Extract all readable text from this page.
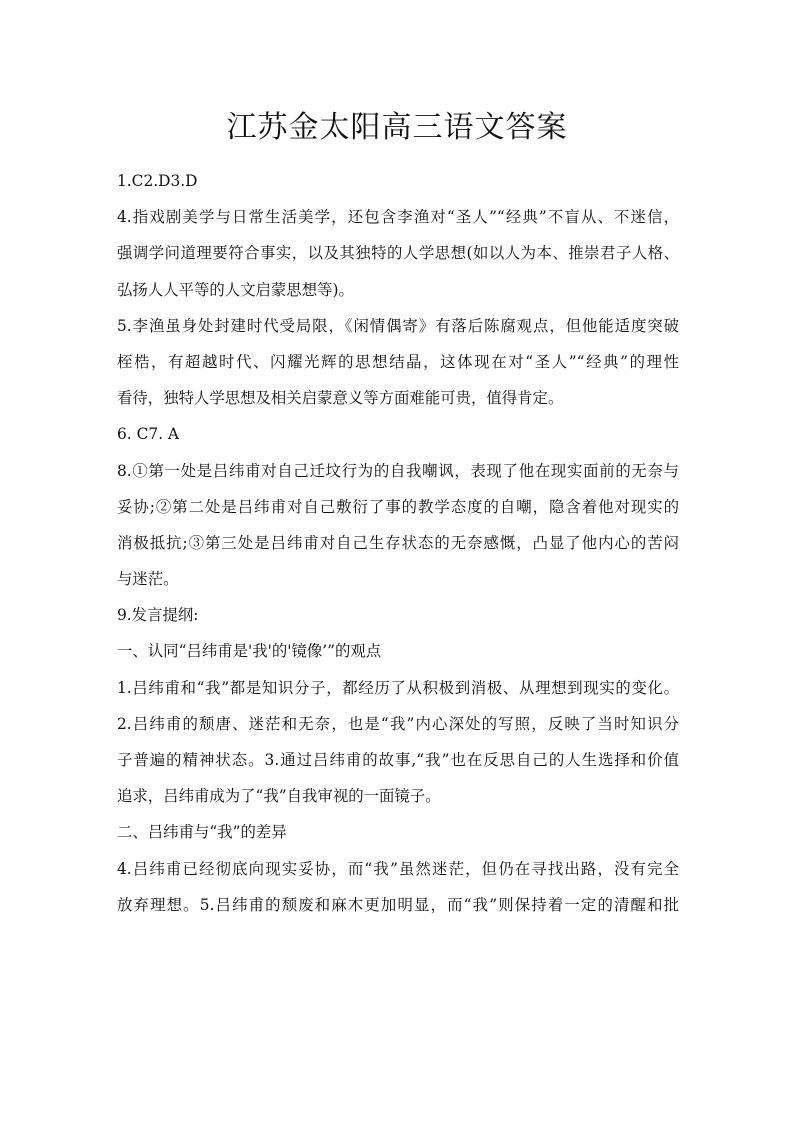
江苏金太阳高三语文答案
1.C2.D3.D
4.指戏剧美学与日常生活美学，还包含李渔对“圣人”“经典”不盲从、不迷信，
强调学问道理要符合事实，以及其独特的人学思想(如以人为本、推崇君子人格、
弘扬人人平等的人文启蒙思想等)。
5.李渔虽身处封建时代受局限，《闲情偶寄》有落后陈腐观点，但他能适度突破
桎梏，有超越时代、闪耀光辉的思想结晶，这体现在对“圣人”“经典”的理性
看待，独特人学思想及相关启蒙意义等方面难能可贵，值得肯定。
6. C7. A
8.①第一处是吕纬甫对自己迁坟行为的自我嘲讽，表现了他在现实面前的无奈与
妥协;②第二处是吕纬甫对自己敷衍了事的教学态度的自嘲，隐含着他对现实的
消极抵抗;③第三处是吕纬甫对自己生存状态的无奈感慨，凸显了他内心的苦闷
与迷茫。
9.发言提纲:
一、认同“吕纬甫是'我'的'镜像’”的观点
1.吕纬甫和“我”都是知识分子，都经历了从积极到消极、从理想到现实的变化。
2.吕纬甫的颓唐、迷茫和无奈，也是“我”内心深处的写照，反映了当时知识分
子普遍的精神状态。3.通过吕纬甫的故事,“我”也在反思自己的人生选择和价值
追求，吕纬甫成为了“我”自我审视的一面镜子。
二、吕纬甫与“我”的差异
4.吕纬甫已经彻底向现实妥协，而“我”虽然迷茫，但仍在寻找出路，没有完全
放弃理想。5.吕纬甫的颓废和麻木更加明显，而“我”则保持着一定的清醒和批
